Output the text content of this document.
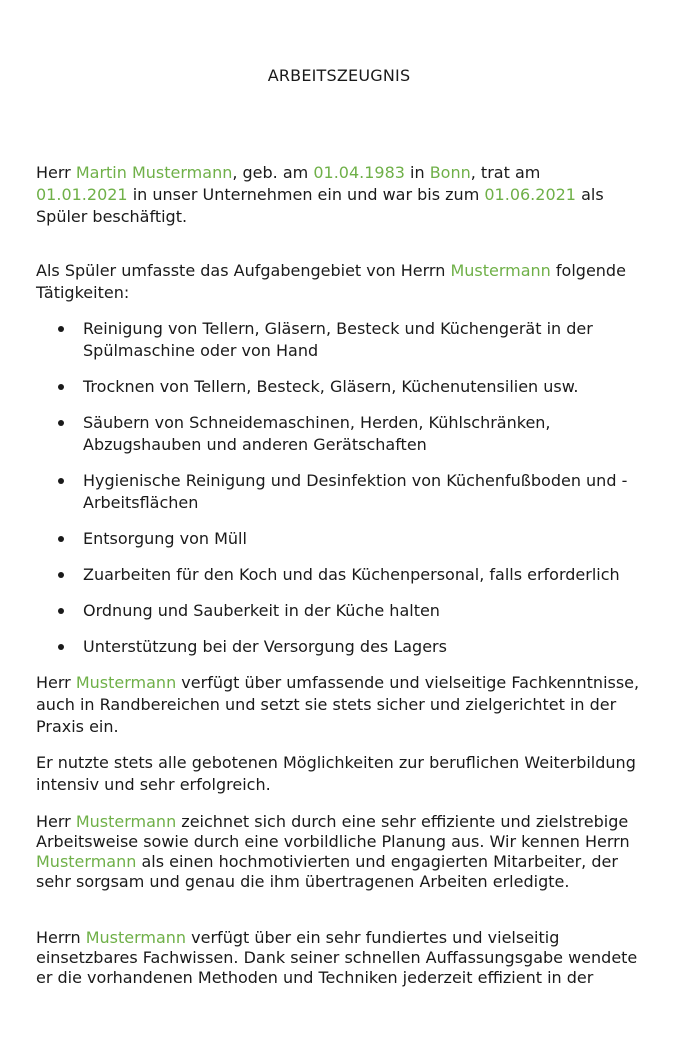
ARBEITSZEUGNIS
Herr Martin Mustermann, geb. am 01.04.1983 in Bonn, trat am
01.01.2021 in unser Unternehmen ein und war bis zum 01.06.2021 als Spüler beschäftigt.
Als Spüler umfasste das Aufgabengebiet von Herrn Mustermann folgende Tätigkeiten:
Reinigung von Tellern, Gläsern, Besteck und Küchengerät in der Spülmaschine oder von Hand
Trocknen von Tellern, Besteck, Gläsern, Küchenutensilien usw.
Säubern von Schneidemaschinen, Herden, Kühlschränken, Abzugshauben und anderen Gerätschaften
Hygienische Reinigung und Desinfektion von Küchenfußboden und - Arbeitsflächen
Entsorgung von Müll
Zuarbeiten für den Koch und das Küchenpersonal, falls erforderlich
Ordnung und Sauberkeit in der Küche halten
Unterstützung bei der Versorgung des Lagers
Herr Mustermann verfügt über umfassende und vielseitige Fachkenntnisse, auch in Randbereichen und setzt sie stets sicher und zielgerichtet in der Praxis ein.
Er nutzte stets alle gebotenen Möglichkeiten zur beruflichen Weiterbildung intensiv und sehr erfolgreich.
Herr Mustermann zeichnet sich durch eine sehr effiziente und zielstrebige Arbeitsweise sowie durch eine vorbildliche Planung aus. Wir kennen Herrn Mustermann als einen hochmotivierten und engagierten Mitarbeiter, der sehr sorgsam und genau die ihm übertragenen Arbeiten erledigte.
Herrn Mustermann verfügt über ein sehr fundiertes und vielseitig einsetzbares Fachwissen. Dank seiner schnellen Auffassungsgabe wendete er die vorhandenen Methoden und Techniken jederzeit effizient in der
